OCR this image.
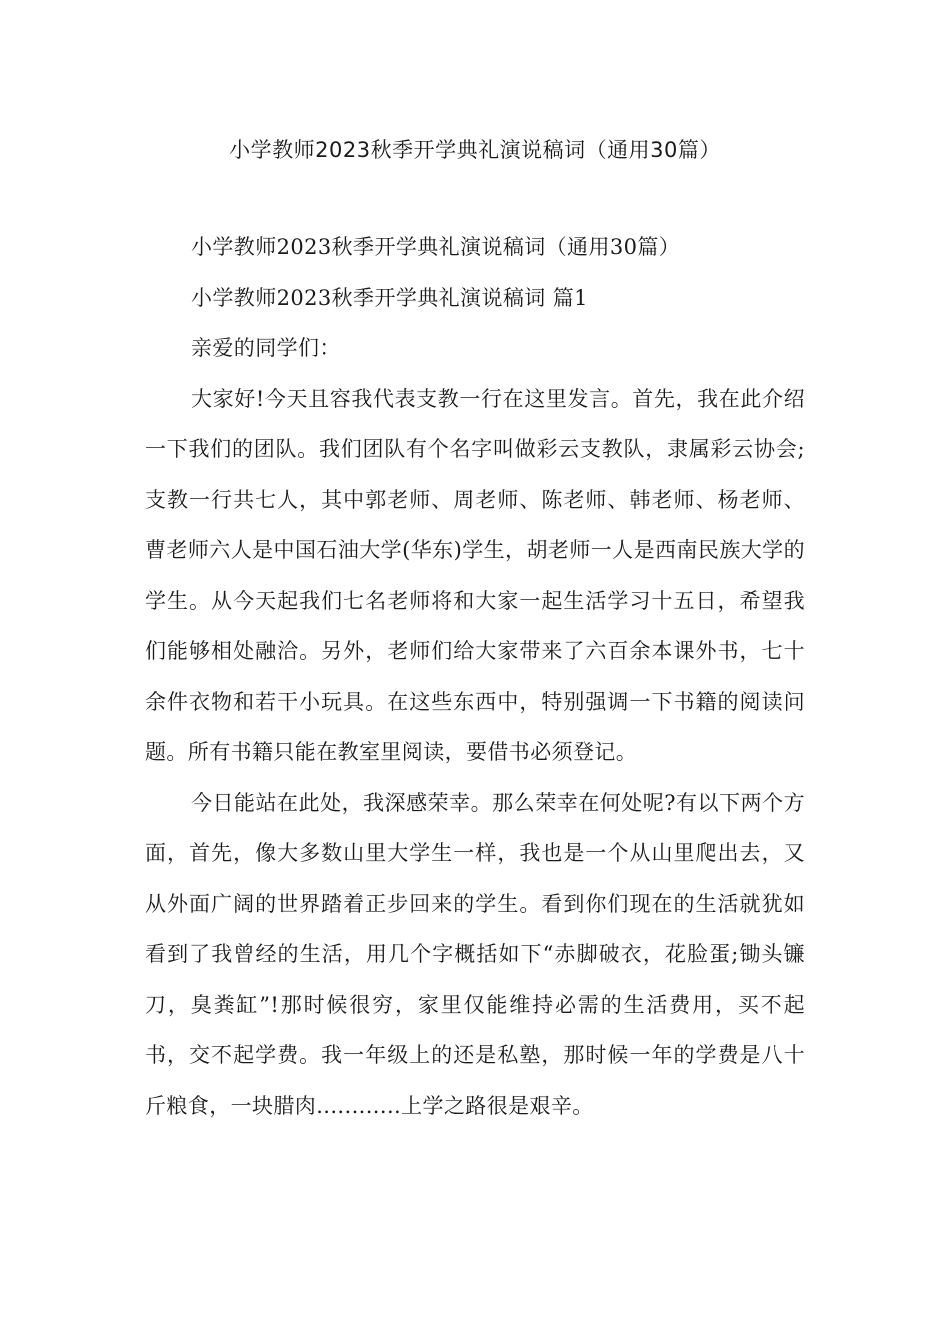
小学教师2023秋季开学典礼演说稿词（通用30篇）

小学教师2023秋季开学典礼演说稿词（通用30篇）

小学教师2023秋季开学典礼演说稿词 篇1

亲爱的同学们：

大家好!今天且容我代表支教一行在这里发言。首先，我在此介绍一下我们的团队。我们团队有个名字叫做彩云支教队，隶属彩云协会;支教一行共七人，其中郭老师、周老师、陈老师、韩老师、杨老师、曹老师六人是中国石油大学(华东)学生，胡老师一人是西南民族大学的学生。从今天起我们七名老师将和大家一起生活学习十五日，希望我们能够相处融洽。另外，老师们给大家带来了六百余本课外书，七十余件衣物和若干小玩具。在这些东西中，特别强调一下书籍的阅读问题。所有书籍只能在教室里阅读，要借书必须登记。

今日能站在此处，我深感荣幸。那么荣幸在何处呢?有以下两个方面，首先，像大多数山里大学生一样，我也是一个从山里爬出去，又从外面广阔的世界踏着正步回来的学生。看到你们现在的生活就犹如看到了我曾经的生活，用几个字概括如下“赤脚破衣，花脸蛋;锄头镰刀，臭粪缸”!那时候很穷，家里仅能维持必需的生活费用，买不起书，交不起学费。我一年级上的还是私塾，那时候一年的学费是八十斤粮食，一块腊肉............上学之路很是艰辛。
